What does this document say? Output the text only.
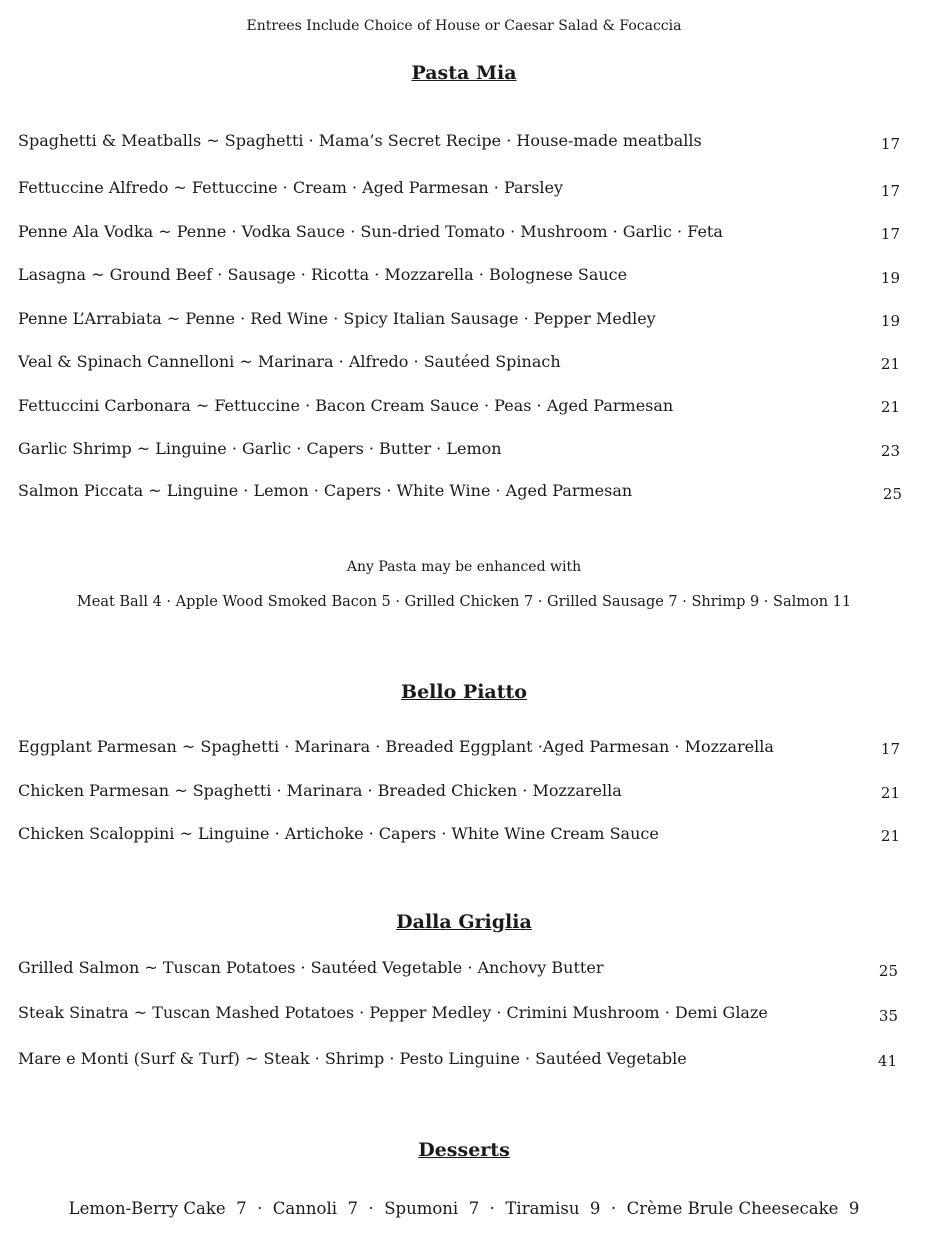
Entrees Include Choice of House or Caesar Salad & Focaccia
Pasta Mia
Spaghetti & Meatballs ~ Spaghetti · Mama’s Secret Recipe · House-made meatballs	17
Fettuccine Alfredo ~ Fettuccine · Cream · Aged Parmesan · Parsley	17
Penne Ala Vodka ~ Penne · Vodka Sauce · Sun-dried Tomato · Mushroom · Garlic · Feta	17
Lasagna ~ Ground Beef · Sausage · Ricotta · Mozzarella · Bolognese Sauce	19
Penne L’Arrabiata ~ Penne · Red Wine · Spicy Italian Sausage · Pepper Medley	19
Veal & Spinach Cannelloni ~ Marinara · Alfredo · Sautéed Spinach	21
Fettuccini Carbonara ~ Fettuccine · Bacon Cream Sauce · Peas · Aged Parmesan	21
Garlic Shrimp ~ Linguine · Garlic · Capers · Butter · Lemon	23
Salmon Piccata ~ Linguine · Lemon · Capers · White Wine · Aged Parmesan	25
Any Pasta may be enhanced with
Meat Ball 4 · Apple Wood Smoked Bacon 5 · Grilled Chicken 7 · Grilled Sausage 7 · Shrimp 9 · Salmon 11
Bello Piatto
Eggplant Parmesan ~ Spaghetti · Marinara · Breaded Eggplant ·Aged Parmesan · Mozzarella	17
Chicken Parmesan ~ Spaghetti · Marinara · Breaded Chicken · Mozzarella	21
Chicken Scaloppini ~ Linguine · Artichoke · Capers · White Wine Cream Sauce	21
Dalla Griglia
Grilled Salmon ~ Tuscan Potatoes · Sautéed Vegetable · Anchovy Butter	25
Steak Sinatra ~ Tuscan Mashed Potatoes · Pepper Medley · Crimini Mushroom · Demi Glaze	35
Mare e Monti (Surf & Turf) ~ Steak · Shrimp · Pesto Linguine · Sautéed Vegetable	41
Desserts
Lemon-Berry Cake  7  ·  Cannoli  7  ·  Spumoni  7  ·  Tiramisu  9  ·  Crème Brule Cheesecake  9
